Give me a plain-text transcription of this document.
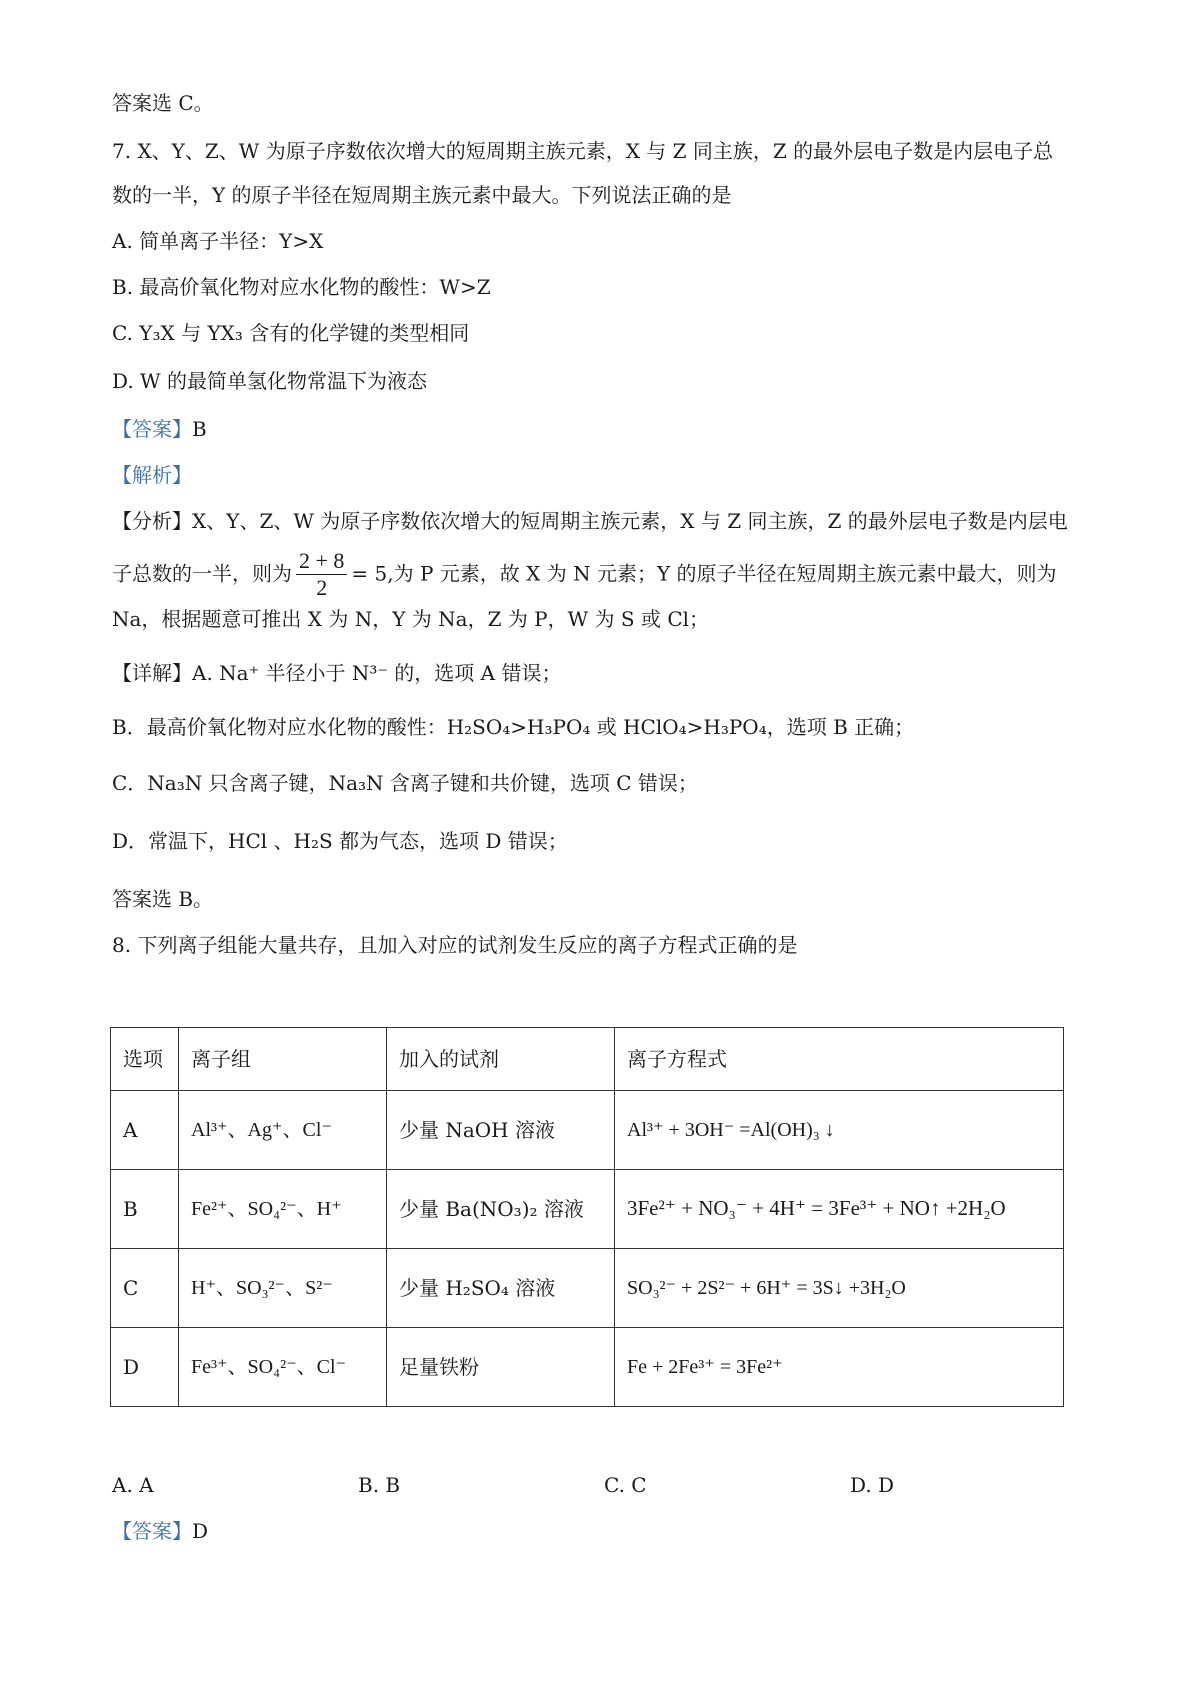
答案选 C。
7. X、Y、Z、W 为原子序数依次增大的短周期主族元素，X 与 Z 同主族，Z 的最外层电子数是内层电子总
数的一半，Y 的原子半径在短周期主族元素中最大。下列说法正确的是
A. 简单离子半径：Y>X
B. 最高价氧化物对应水化物的酸性：W>Z
C. Y₃X 与 YX₃ 含有的化学键的类型相同
D. W 的最简单氢化物常温下为液态
【答案】B
【解析】
【分析】X、Y、Z、W 为原子序数依次增大的短周期主族元素，X 与 Z 同主族，Z 的最外层电子数是内层电
子总数的一半，则为 $\frac{2 + 8}{2} = 5$,为 P 元素，故 X 为 N 元素；Y 的原子半径在短周期主族元素中最大，则为
Na，根据题意可推出 X 为 N，Y 为 Na，Z 为 P，W 为 S 或 Cl；
【详解】A. Na⁺ 半径小于 N³⁻ 的，选项 A 错误；
B．最高价氧化物对应水化物的酸性：H₂SO₄>H₃PO₄ 或 HClO₄>H₃PO₄，选项 B 正确；
C．Na₃N 只含离子键，Na₃N 含离子键和共价键，选项 C 错误；
D．常温下，HCl 、H₂S 都为气态，选项 D 错误；
答案选 B。
8. 下列离子组能大量共存，且加入对应的试剂发生反应的离子方程式正确的是
选项	离子组	加入的试剂	离子方程式
A	Al³⁺、Ag⁺、Cl⁻	少量 NaOH 溶液	Al³⁺ + 3OH⁻ =Al(OH)₃ ↓
B	Fe²⁺、SO₄²⁻、H⁺	少量 Ba(NO₃)₂ 溶液	3Fe²⁺ + NO₃⁻ + 4H⁺ = 3Fe³⁺ + NO↑ +2H₂O
C	H⁺、SO₃²⁻、S²⁻	少量 H₂SO₄ 溶液	SO₃²⁻ + 2S²⁻ + 6H⁺ = 3S↓ +3H₂O
D	Fe³⁺、SO₄²⁻、Cl⁻	足量铁粉	Fe + 2Fe³⁺ = 3Fe²⁺
A. A	B. B	C. C	D. D
【答案】D
